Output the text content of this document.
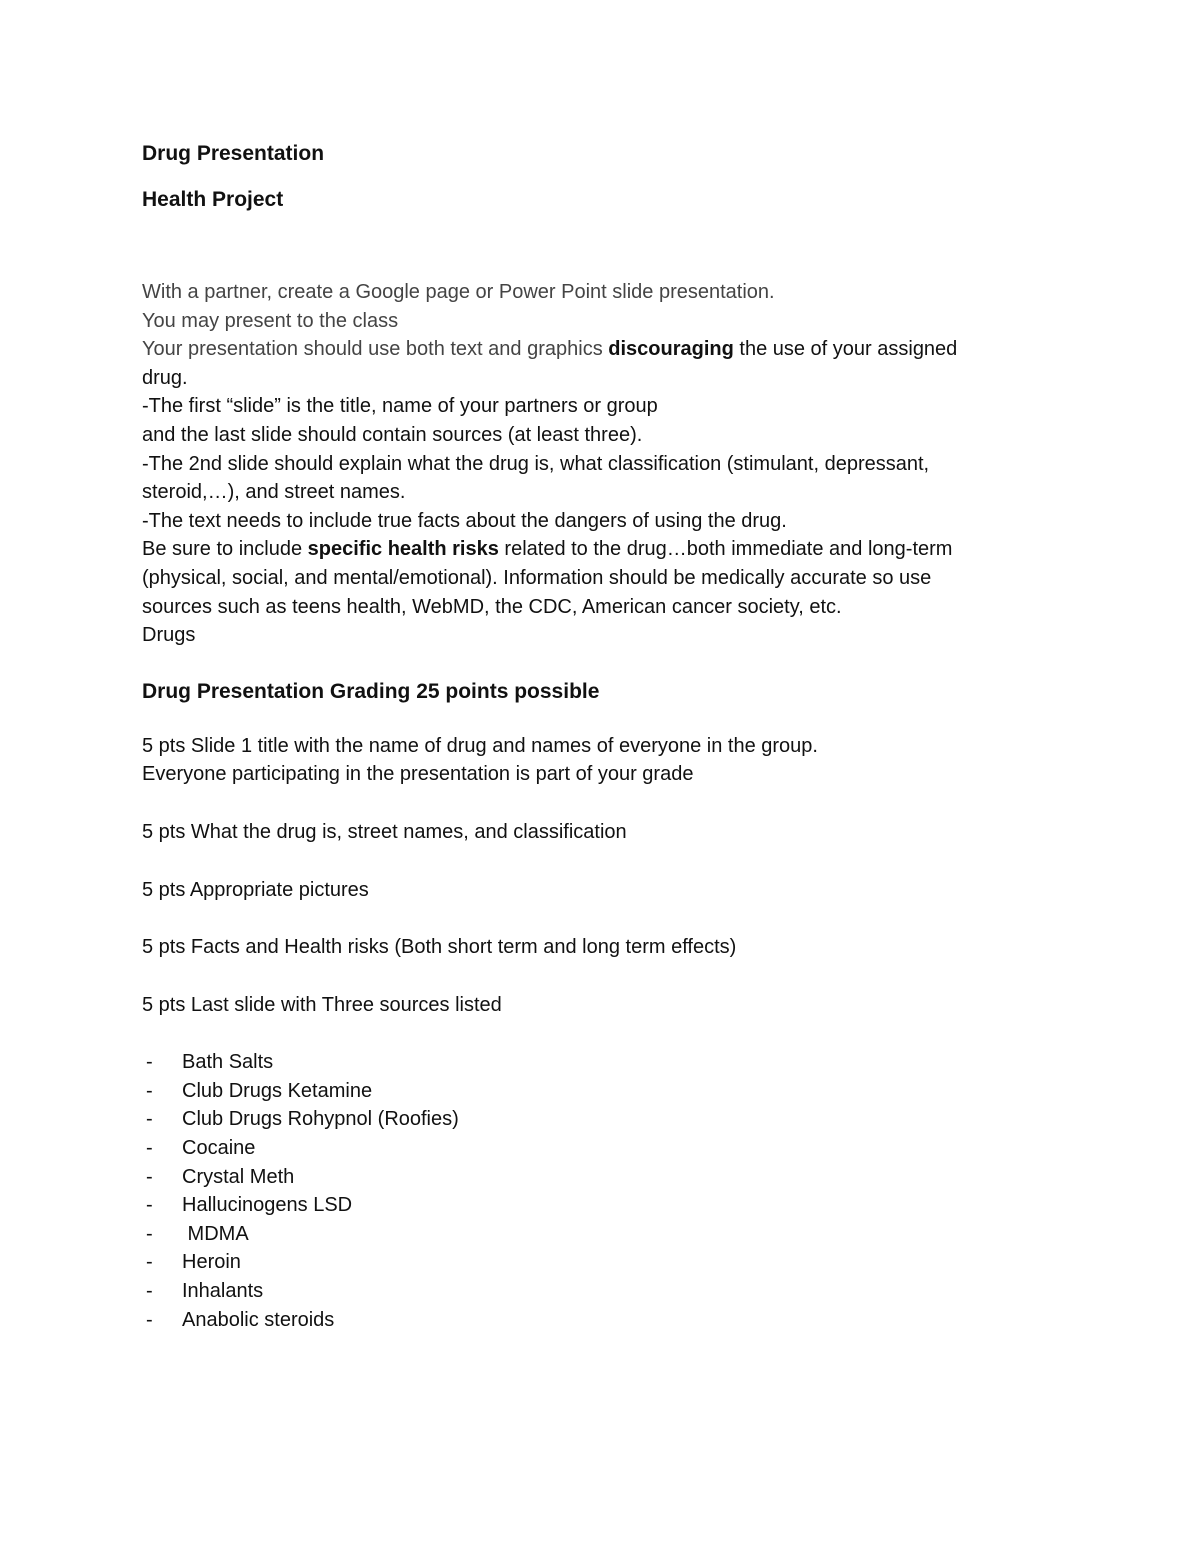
Drug Presentation

Health Project

With a partner, create a Google page or Power Point slide presentation.
You may present to the class
Your presentation should use both text and graphics discouraging the use of your assigned
drug.
-The first “slide” is the title, name of your partners or group
and the last slide should contain sources (at least three).
-The 2nd slide should explain what the drug is, what classification (stimulant, depressant,
steroid,…), and street names.
-The text needs to include true facts about the dangers of using the drug.
Be sure to include specific health risks related to the drug…both immediate and long-term
(physical, social, and mental/emotional). Information should be medically accurate so use
sources such as teens health, WebMD, the CDC, American cancer society, etc.
Drugs

Drug Presentation Grading 25 points possible

5 pts Slide 1 title with the name of drug and names of everyone in the group.

Everyone participating in the presentation is part of your grade

5 pts What the drug is, street names, and classification

5 pts Appropriate pictures

5 pts Facts and Health risks (Both short term and long term effects)

5 pts Last slide with Three sources listed

- Bath Salts
- Club Drugs Ketamine
- Club Drugs Rohypnol (Roofies)
- Cocaine
- Crystal Meth
- Hallucinogens LSD
- MDMA
- Heroin
- Inhalants
- Anabolic steroids
